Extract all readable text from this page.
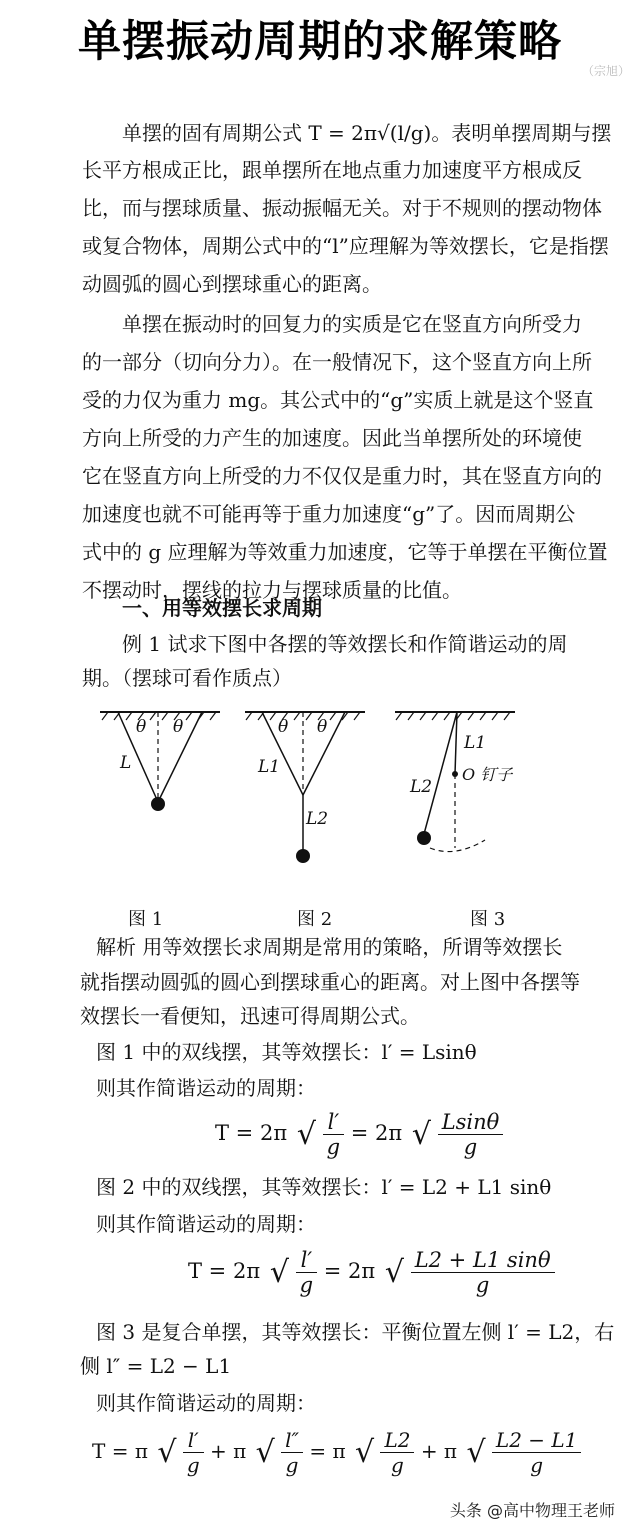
单摆振动周期的求解策略
（宗旭）
单摆的固有周期公式 T = 2π√(l/g)。表明单摆周期与摆
长平方根成正比，跟单摆所在地点重力加速度平方根成反
比，而与摆球质量、振动振幅无关。对于不规则的摆动物体
或复合物体，周期公式中的“l”应理解为等效摆长，它是指摆
动圆弧的圆心到摆球重心的距离。
单摆在振动时的回复力的实质是它在竖直方向所受力
的一部分（切向分力）。在一般情况下，这个竖直方向上所
受的力仅为重力 mg。其公式中的“g”实质上就是这个竖直
方向上所受的力产生的加速度。因此当单摆所处的环境使
它在竖直方向上所受的力不仅仅是重力时，其在竖直方向的
加速度也就不可能再等于重力加速度“g”了。因而周期公
式中的 g 应理解为等效重力加速度，它等于单摆在平衡位置
不摆动时，摆线的拉力与摆球质量的比值。
一、用等效摆长求周期
例 1 试求下图中各摆的等效摆长和作简谐运动的周
期。（摆球可看作质点）
θ θ
L
θ θ
L1
L2
L1
L2
O 钉子
图 1	图 2	图 3
解析 用等效摆长求周期是常用的策略，所谓等效摆长
就指摆动圆弧的圆心到摆球重心的距离。对上图中各摆等
效摆长一看便知，迅速可得周期公式。
图 1 中的双线摆，其等效摆长：l′ = Lsinθ
则其作简谐运动的周期：
T = 2π √ $\frac{l'}{g} = 2\pi$ √ $\frac{Lsin\theta}{g}$
图 2 中的双线摆，其等效摆长：l′ = L2 + L1 sinθ
则其作简谐运动的周期：
T = 2π √ $\frac{l'}{g} = 2\pi$ √ $\frac{L2 + L1 \sin\theta}{g}$
图 3 是复合单摆，其等效摆长：平衡位置左侧 l′ = L2，右
侧 l″ = L2 − L1
则其作简谐运动的周期：
T = π √ $\frac{l'}{g} + \pi$ √ $\frac{l''}{g} = \pi$ √ $\frac{L2}{g} + \pi$ √ $\frac{L2 - L1}{g}$
头条 @高中物理王老师
